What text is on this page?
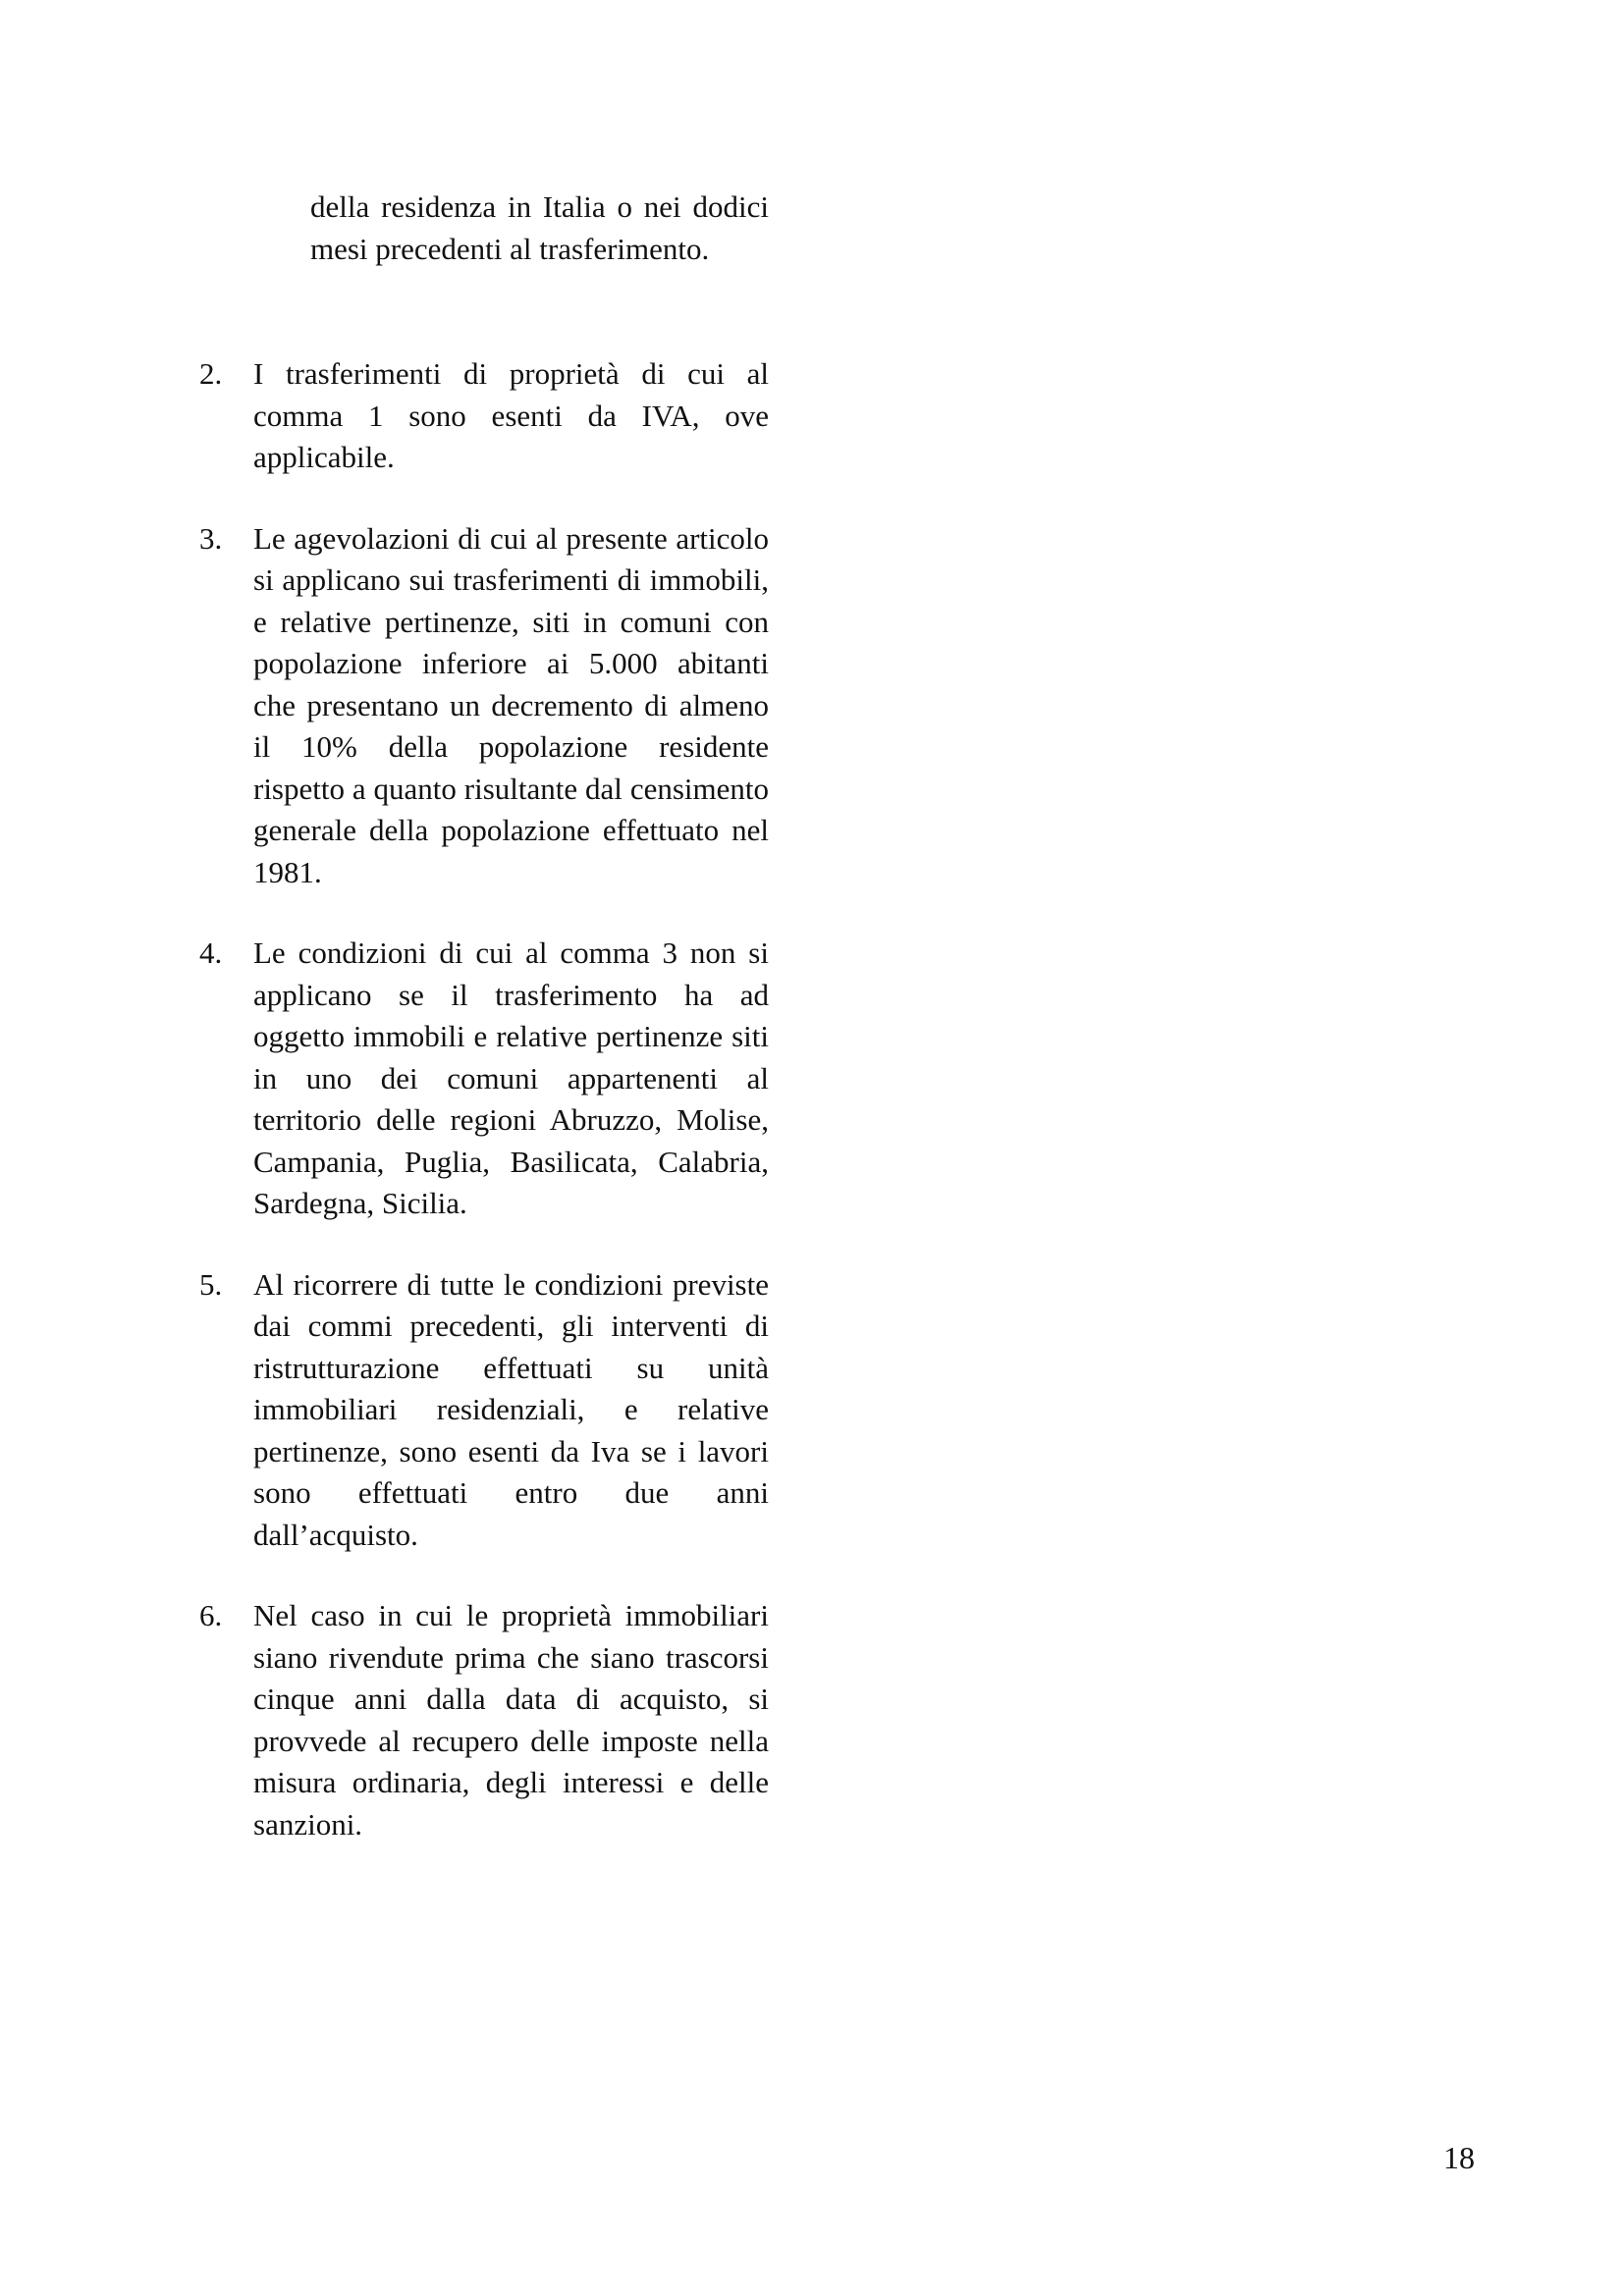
della residenza in Italia o nei dodici mesi precedenti al trasferimento.

2. I trasferimenti di proprietà di cui al comma 1 sono esenti da IVA, ove applicabile.

3. Le agevolazioni di cui al presente articolo si applicano sui trasferimenti di immobili, e relative pertinenze, siti in comuni con popolazione inferiore ai 5.000 abitanti che presentano un decremento di almeno il 10% della popolazione residente rispetto a quanto risultante dal censimento generale della popolazione effettuato nel 1981.

4. Le condizioni di cui al comma 3 non si applicano se il trasferimento ha ad oggetto immobili e relative pertinenze siti in uno dei comuni appartenenti al territorio delle regioni Abruzzo, Molise, Campania, Puglia, Basilicata, Calabria, Sardegna, Sicilia.

5. Al ricorrere di tutte le condizioni previste dai commi precedenti, gli interventi di ristrutturazione effettuati su unità immobiliari residenziali, e relative pertinenze, sono esenti da Iva se i lavori sono effettuati entro due anni dall’acquisto.

6. Nel caso in cui le proprietà immobiliari siano rivendute prima che siano trascorsi cinque anni dalla data di acquisto, si provvede al recupero delle imposte nella misura ordinaria, degli interessi e delle sanzioni.

18
